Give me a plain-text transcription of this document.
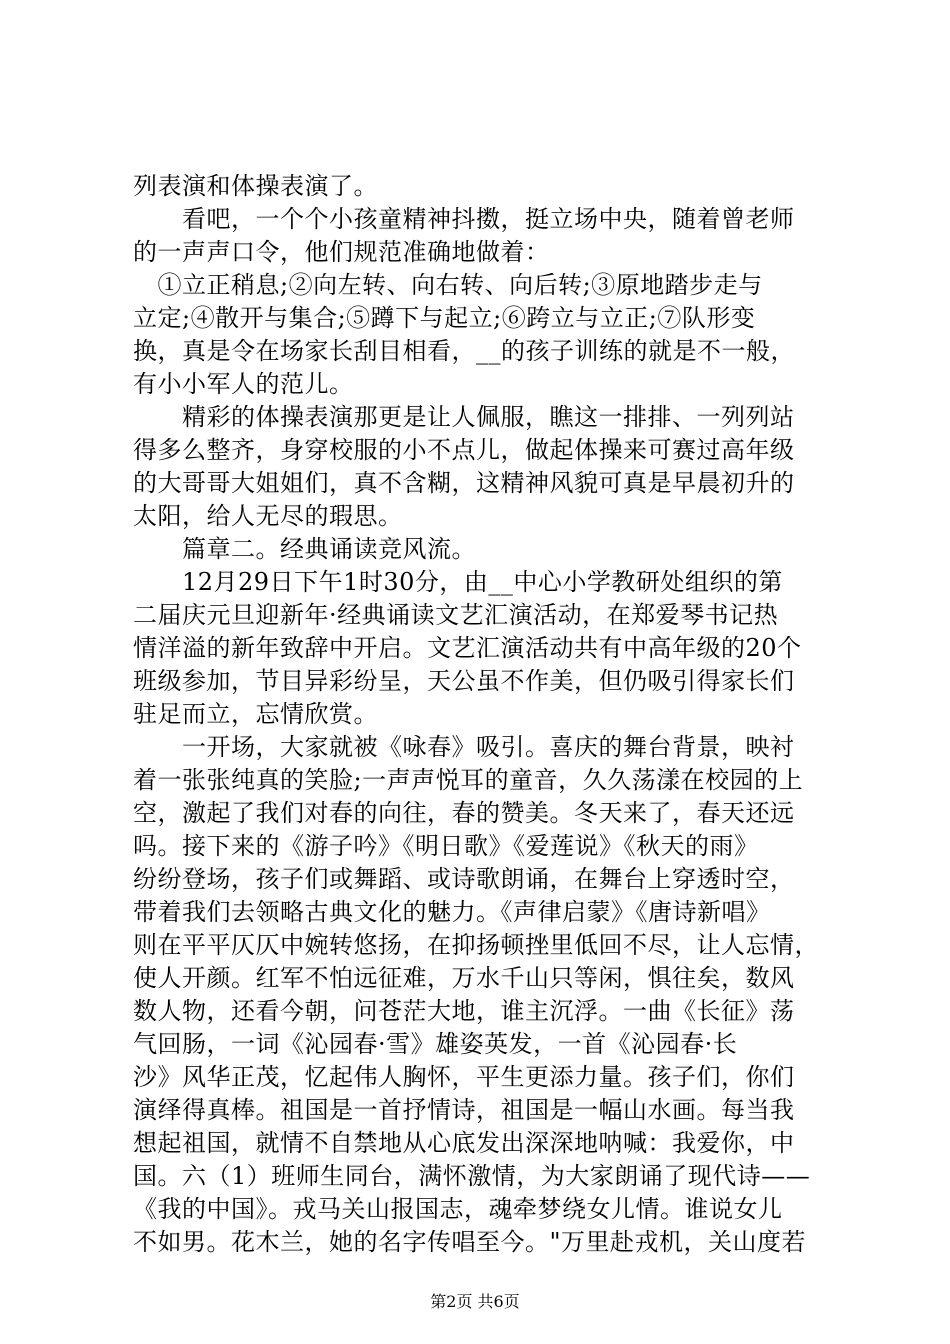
列表演和体操表演了。
　　看吧，一个个小孩童精神抖擞，挺立场中央，随着曾老师
的一声声口令，他们规范准确地做着：
　①立正稍息;②向左转、向右转、向后转;③原地踏步走与
立定;④散开与集合;⑤蹲下与起立;⑥跨立与立正;⑦队形变
换，真是令在场家长刮目相看，__的孩子训练的就是不一般，
有小小军人的范儿。
　　精彩的体操表演那更是让人佩服，瞧这一排排、一列列站
得多么整齐，身穿校服的小不点儿，做起体操来可赛过高年级
的大哥哥大姐姐们，真不含糊，这精神风貌可真是早晨初升的
太阳，给人无尽的瑕思。
　　篇章二。经典诵读竞风流。
　　12月29日下午1时30分，由__中心小学教研处组织的第
二届庆元旦迎新年·经典诵读文艺汇演活动，在郑爱琴书记热
情洋溢的新年致辞中开启。文艺汇演活动共有中高年级的20个
班级参加，节目异彩纷呈，天公虽不作美，但仍吸引得家长们
驻足而立，忘情欣赏。
　　一开场，大家就被《咏春》吸引。喜庆的舞台背景，映衬
着一张张纯真的笑脸;一声声悦耳的童音，久久荡漾在校园的上
空，激起了我们对春的向往，春的赞美。冬天来了，春天还远
吗。接下来的《游子吟》《明日歌》《爱莲说》《秋天的雨》
纷纷登场，孩子们或舞蹈、或诗歌朗诵，在舞台上穿透时空，
带着我们去领略古典文化的魅力。《声律启蒙》《唐诗新唱》
则在平平仄仄中婉转悠扬，在抑扬顿挫里低回不尽，让人忘情，
使人开颜。红军不怕远征难，万水千山只等闲，惧往矣，数风
数人物，还看今朝，问苍茫大地，谁主沉浮。一曲《长征》荡
气回肠，一词《沁园春·雪》雄姿英发，一首《沁园春·长
沙》风华正茂，忆起伟人胸怀，平生更添力量。孩子们，你们
演绎得真棒。祖国是一首抒情诗，祖国是一幅山水画。每当我
想起祖国，就情不自禁地从心底发出深深地呐喊：我爱你，中
国。六（1）班师生同台，满怀激情，为大家朗诵了现代诗——
《我的中国》。戎马关山报国志，魂牵梦绕女儿情。谁说女儿
不如男。花木兰，她的名字传唱至今。"万里赴戎机，关山度若
第2页 共6页
